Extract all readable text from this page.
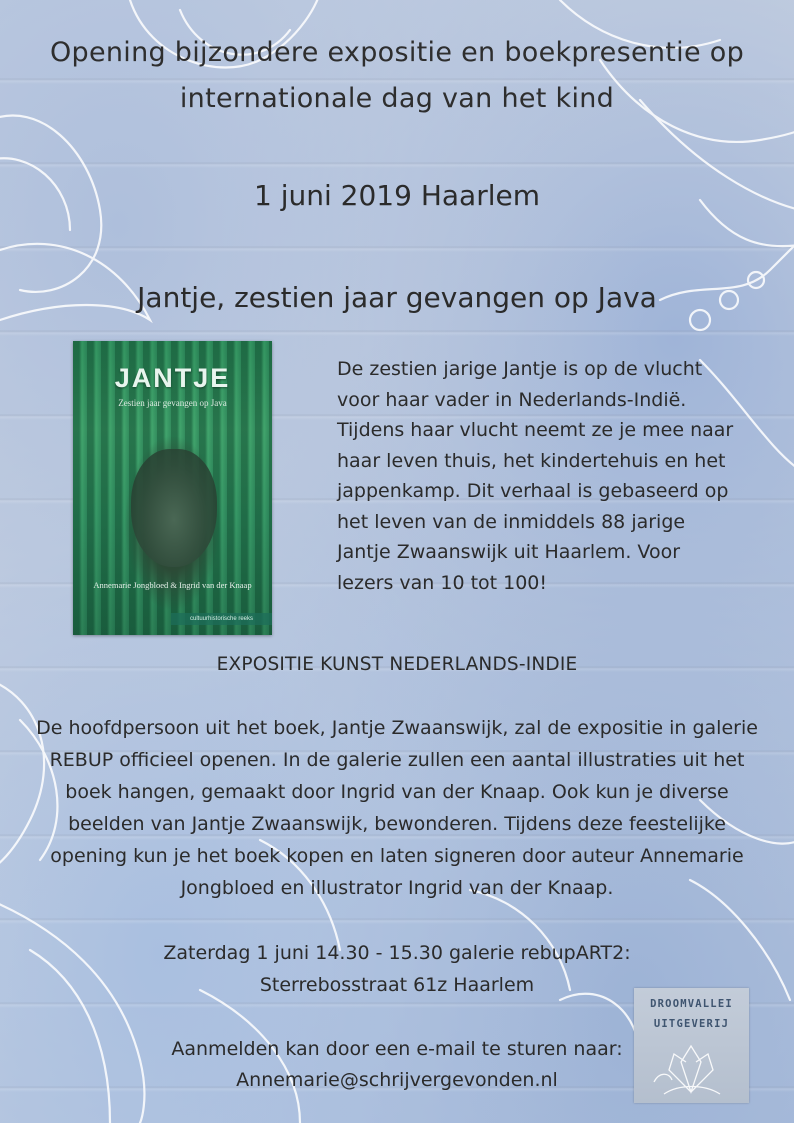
Opening bijzondere expositie en boekpresentie op
internationale dag van het kind
1 juni 2019 Haarlem
Jantje, zestien jaar gevangen op Java
JANTJE
Zestien jaar gevangen op Java
Annemarie Jongbloed & Ingrid van der Knaap
cultuurhistorische reeks

De zestien jarige Jantje is op de vlucht voor haar vader in Nederlands-Indië. Tijdens haar vlucht neemt ze je mee naar haar leven thuis, het kindertehuis en het jappenkamp. Dit verhaal is gebaseerd op het leven van de inmiddels 88 jarige Jantje Zwaanswijk uit Haarlem. Voor lezers van 10 tot 100!

EXPOSITIE KUNST NEDERLANDS-INDIE

De hoofdpersoon uit het boek, Jantje Zwaanswijk, zal de expositie in galerie REBUP officieel openen. In de galerie zullen een aantal illustraties uit het boek hangen, gemaakt door Ingrid van der Knaap. Ook kun je diverse beelden van Jantje Zwaanswijk, bewonderen. Tijdens deze feestelijke opening kun je het boek kopen en laten signeren door auteur Annemarie Jongbloed en illustrator Ingrid van der Knaap.

Zaterdag 1 juni 14.30 - 15.30 galerie rebupART2:
Sterrebosstraat 61z Haarlem
Aanmelden kan door een e-mail te sturen naar:
Annemarie@schrijvergevonden.nl
DROOMVALLEI
UITGEVERIJ
